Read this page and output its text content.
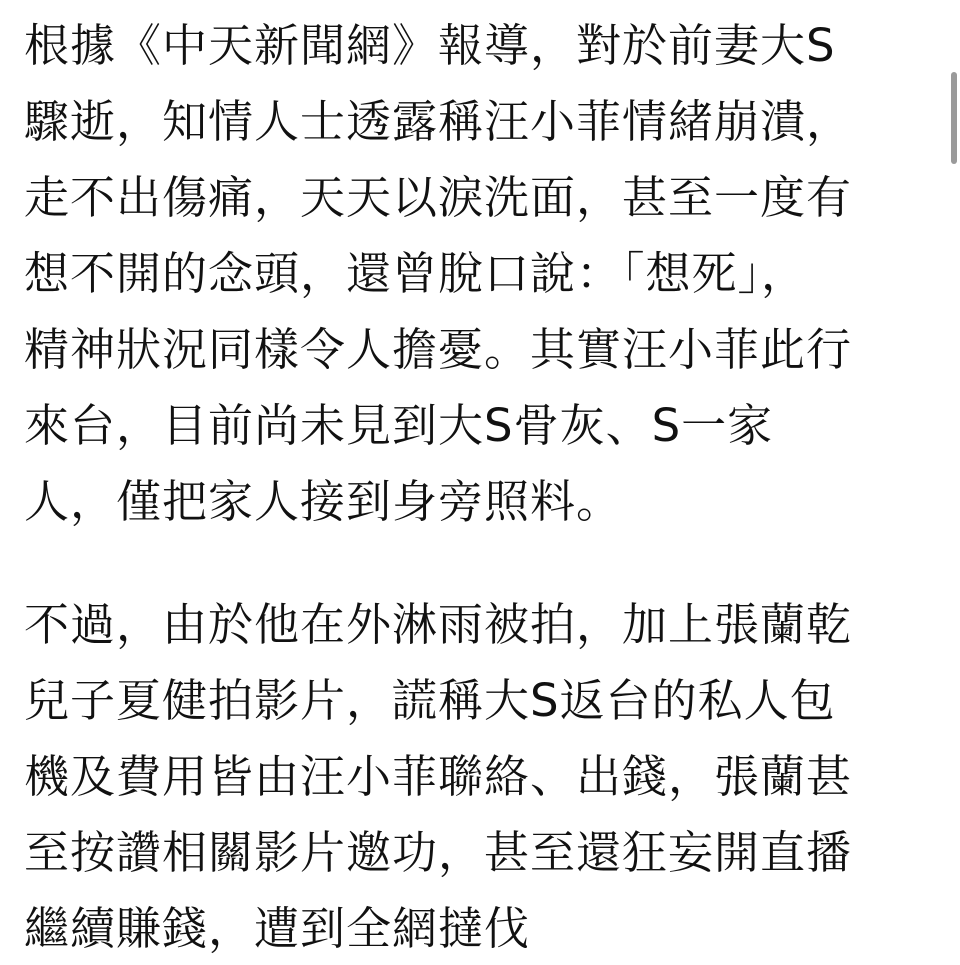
根據《中天新聞網》報導，對於前妻大S
驟逝，知情人士透露稱汪小菲情緒崩潰，
走不出傷痛，天天以淚洗面，甚至一度有
想不開的念頭，還曾脫口說：「想死」，
精神狀況同樣令人擔憂。其實汪小菲此行
來台，目前尚未見到大S骨灰、S一家
人，僅把家人接到身旁照料。
不過，由於他在外淋雨被拍，加上張蘭乾
兒子夏健拍影片，謊稱大S返台的私人包
機及費用皆由汪小菲聯絡、出錢，張蘭甚
至按讚相關影片邀功，甚至還狂妄開直播
繼續賺錢，遭到全網撻伐
